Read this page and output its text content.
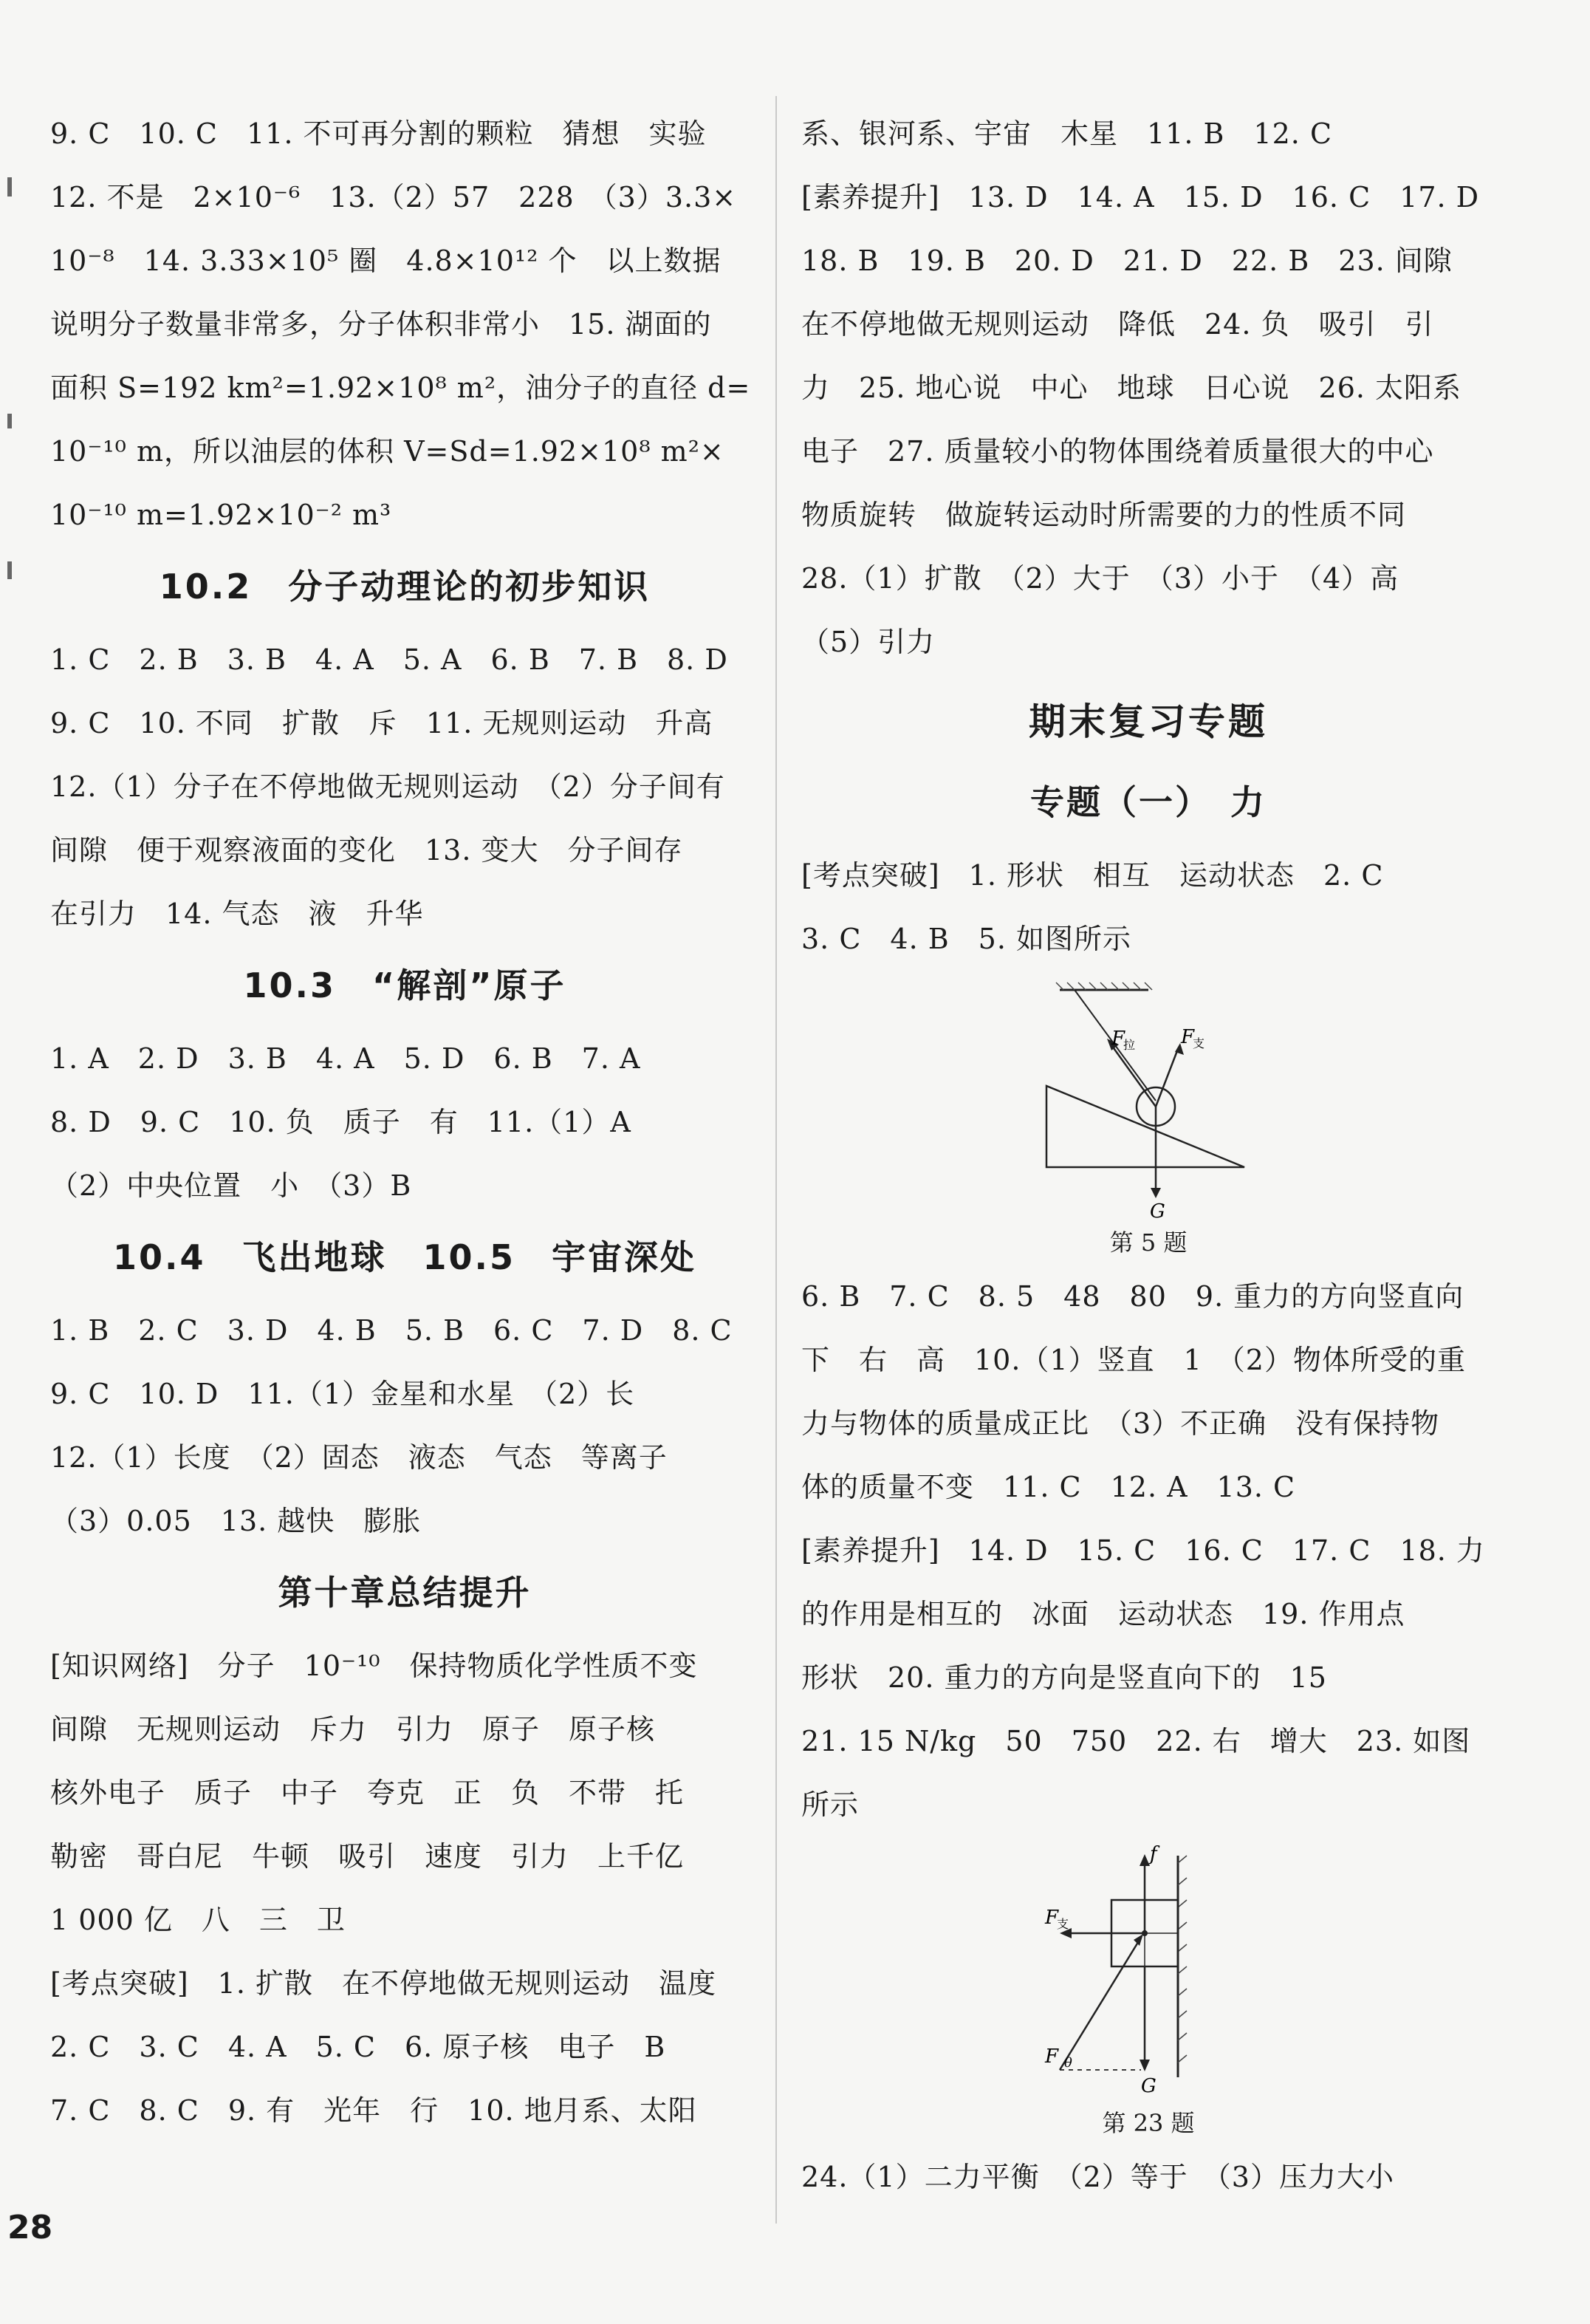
9. C　10. C　11. 不可再分割的颗粒　猜想　实验

12. 不是　2×10⁻⁶　13.（2）57　228　（3）3.3×

10⁻⁸　14. 3.33×10⁵ 圈　4.8×10¹² 个　以上数据

说明分子数量非常多，分子体积非常小　15. 湖面的

面积 S=192 km²=1.92×10⁸ m²，油分子的直径 d=

10⁻¹⁰ m，所以油层的体积 V=Sd=1.92×10⁸ m²×

10⁻¹⁰ m=1.92×10⁻² m³

10.2　分子动理论的初步知识

1. C　2. B　3. B　4. A　5. A　6. B　7. B　8. D

9. C　10. 不同　扩散　斥　11. 无规则运动　升高

12.（1）分子在不停地做无规则运动　（2）分子间有

间隙　便于观察液面的变化　13. 变大　分子间存

在引力　14. 气态　液　升华

10.3　“解剖”原子

1. A　2. D　3. B　4. A　5. D　6. B　7. A

8. D　9. C　10. 负　质子　有　11.（1）A

（2）中央位置　小　（3）B

10.4　飞出地球　10.5　宇宙深处

1. B　2. C　3. D　4. B　5. B　6. C　7. D　8. C

9. C　10. D　11.（1）金星和水星　（2）长

12.（1）长度　（2）固态　液态　气态　等离子

（3）0.05　13. 越快　膨胀

第十章总结提升

[知识网络]　分子　10⁻¹⁰　保持物质化学性质不变

间隙　无规则运动　斥力　引力　原子　原子核

核外电子　质子　中子　夸克　正　负　不带　托

勒密　哥白尼　牛顿　吸引　速度　引力　上千亿

1 000 亿　八　三　卫

[考点突破]　1. 扩散　在不停地做无规则运动　温度

2. C　3. C　4. A　5. C　6. 原子核　电子　B

7. C　8. C　9. 有　光年　行　10. 地月系、太阳

系、银河系、宇宙　木星　11. B　12. C

[素养提升]　13. D　14. A　15. D　16. C　17. D

18. B　19. B　20. D　21. D　22. B　23. 间隙

在不停地做无规则运动　降低　24. 负　吸引　引

力　25. 地心说　中心　地球　日心说　26. 太阳系

电子　27. 质量较小的物体围绕着质量很大的中心

物质旋转　做旋转运动时所需要的力的性质不同

28.（1）扩散　（2）大于　（3）小于　（4）高

（5）引力

期末复习专题
专题（一）　力

[考点突破]　1. 形状　相互　运动状态　2. C

3. C　4. B　5. 如图所示

F
拉 F
支
G
第 5 题

6. B　7. C　8. 5　48　80　9. 重力的方向竖直向

下　右　高　10.（1）竖直　1　（2）物体所受的重

力与物体的质量成正比　（3）不正确　没有保持物

体的质量不变　11. C　12. A　13. C

[素养提升]　14. D　15. C　16. C　17. C　18. 力

的作用是相互的　冰面　运动状态　19. 作用点

形状　20. 重力的方向是竖直向下的　15

21. 15 N/kg　50　750　22. 右　增大　23. 如图

所示

f
F
支
F θ
G
第 23 题

24.（1）二力平衡　（2）等于　（3）压力大小

28
